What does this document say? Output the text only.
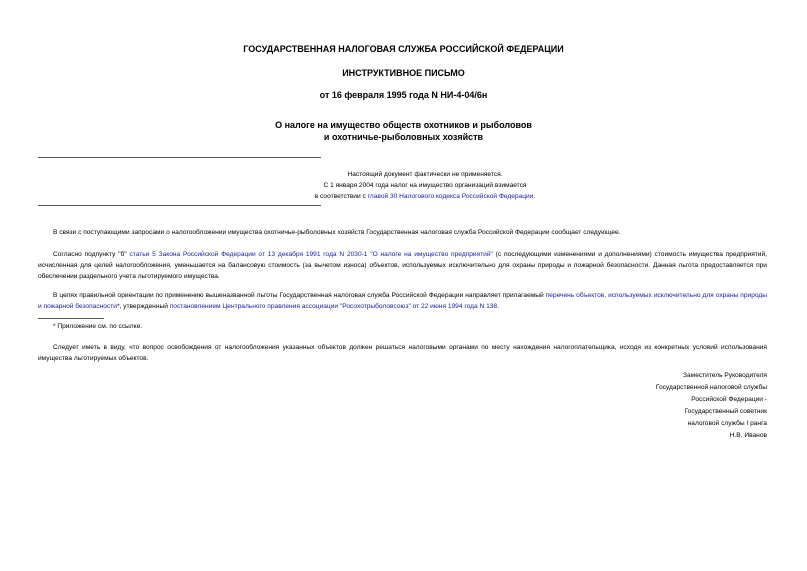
ГОСУДАРСТВЕННАЯ НАЛОГОВАЯ СЛУЖБА РОССИЙСКОЙ ФЕДЕРАЦИИ
ИНСТРУКТИВНОЕ ПИСЬМО
от 16 февраля 1995 года N НИ-4-04/6н
О налоге на имущество обществ охотников и рыболовов
и охотничье-рыболовных хозяйств
Настоящий документ фактически не применяется.
С 1 января 2004 года налог на имущество организаций взимается
в соответствии с главой 30 Налогового кодекса Российской Федерации.
В связи с поступающими запросами о налогообложении имущества охотничье-рыболовных хозяйств Государственная налоговая служба Российской Федерации сообщает следующее.
Согласно подпункту "б" статьи 5 Закона Российской Федерации от 13 декабря 1991 года N 2030-1 "О налоге на имущество предприятий" (с последующими изменениями и дополнениями) стоимость имущества предприятий, исчисленная для целей налогообложения, уменьшается на балансовую стоимость (за вычетом износа) объектов, используемых исключительно для охраны природы и пожарной безопасности. Данная льгота предоставляется при обеспечении раздельного учета льготируемого имущества.
В целях правильной ориентации по применению вышеназванной льготы Государственная налоговая служба Российской Федерации направляет прилагаемый перечень объектов, используемых исключительно для охраны природы и пожарной безопасности*, утвержденный постановлением Центрального правления ассоциации "Росохотрыболовсоюз" от 22 июня 1994 года N 138.
* Приложение см. по ссылке.
Следует иметь в виду, что вопрос освобождения от налогообложения указанных объектов должен решаться налоговыми органами по месту нахождения налогоплательщика, исходя из конкретных условий использования имущества льготируемых объектов.
Заместитель Руководителя
Государственной налоговой службы
Российской Федерации -
Государственный советник
налоговой службы I ранга
Н.В. Иванов
